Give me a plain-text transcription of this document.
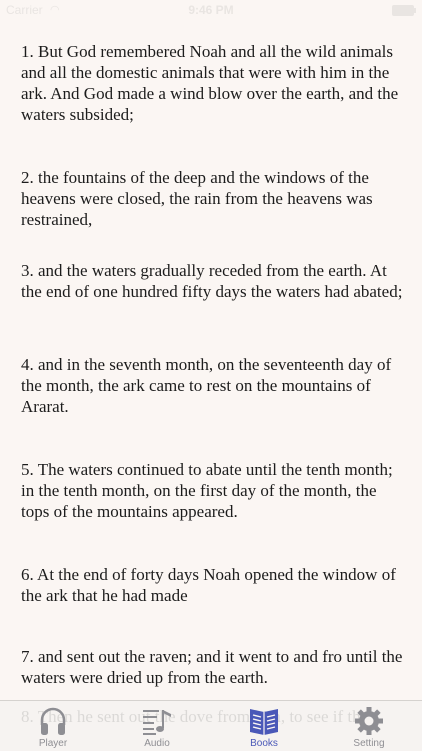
1. But God remembered Noah and all the wild animals and all the domestic animals that were with him in the ark. And God made a wind blow over the earth, and the waters subsided;
2. the fountains of the deep and the windows of the heavens were closed, the rain from the heavens was restrained,
3. and the waters gradually receded from the earth. At the end of one hundred fifty days the waters had abated;
4. and in the seventh month, on the seventeenth day of the month, the ark came to rest on the mountains of Ararat.
5. The waters continued to abate until the tenth month; in the tenth month, on the first day of the month, the tops of the mountains appeared.
6. At the end of forty days Noah opened the window of the ark that he had made
7. and sent out the raven; and it went to and fro until the waters were dried up from the earth.
Carrier ◠	9:46 PM
Player	Audio	Books	Setting
